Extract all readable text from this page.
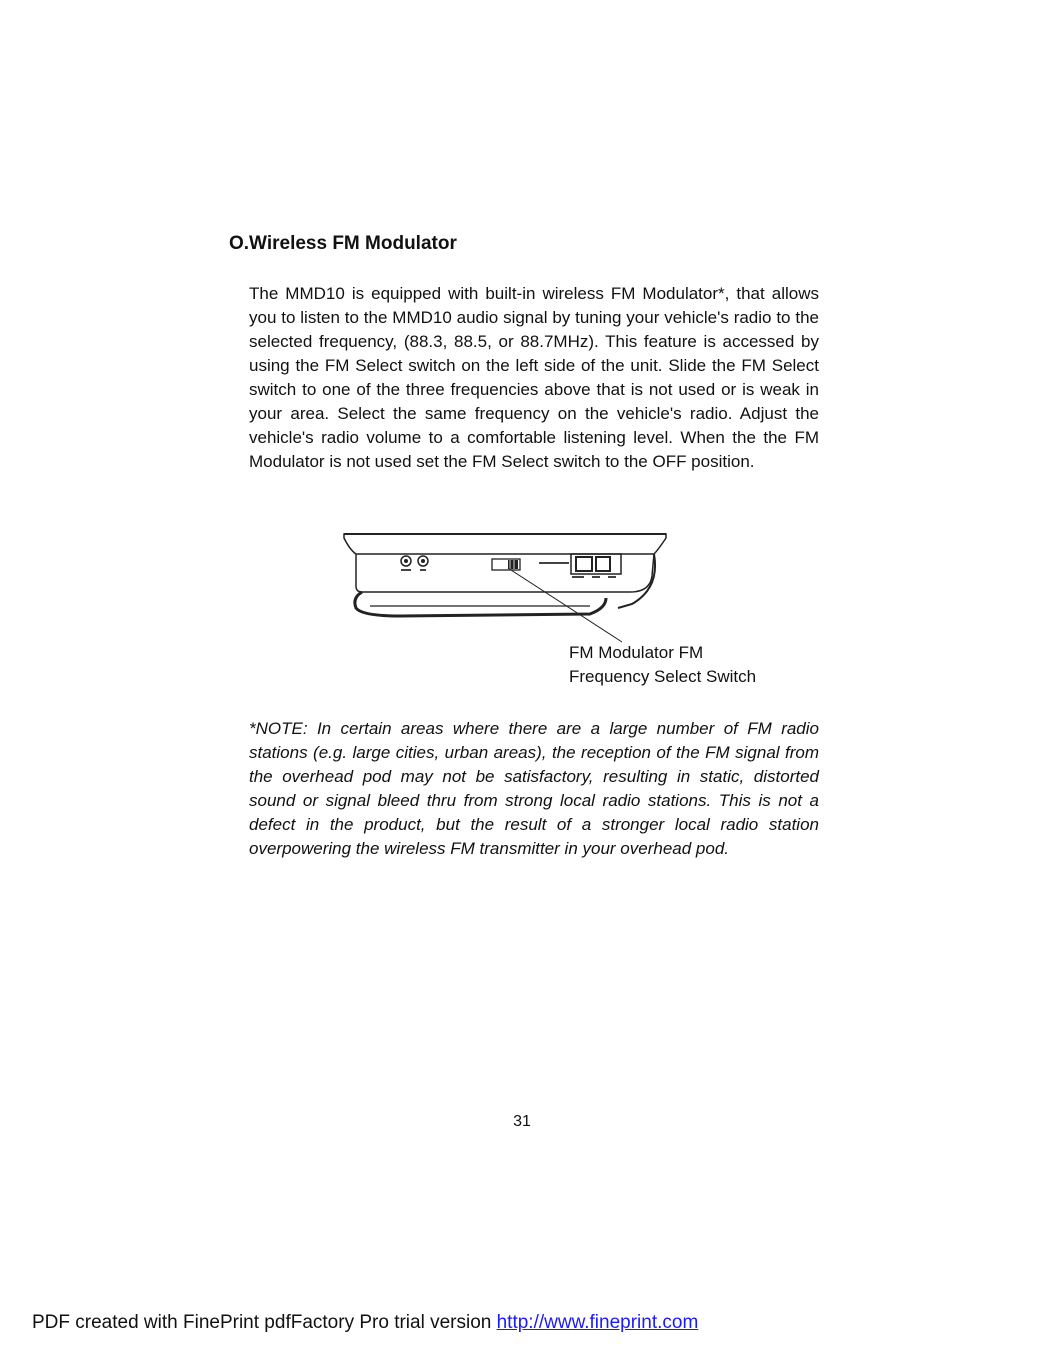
O.Wireless FM Modulator

The MMD10 is equipped with built-in wireless FM Modulator*, that allows you to listen to the MMD10 audio signal by tuning your vehicle's radio to the selected frequency, (88.3, 88.5, or 88.7MHz). This feature is accessed by using the FM Select switch on the left side of the unit. Slide the FM Select switch to one of the three frequencies above that is not used or is weak in your area. Select the same frequency on the vehicle's radio. Adjust the vehicle's radio volume to a comfortable listening level. When the the FM Modulator is not used set the FM Select switch to the OFF position.

FM Modulator FM
Frequency Select Switch

*NOTE: In certain areas where there are a large number of FM radio stations (e.g. large cities, urban areas), the reception of the FM signal from the overhead pod may not be satisfactory, resulting in static, distorted sound or signal bleed thru from strong local radio stations. This is not a defect in the product, but the result of a stronger local radio station overpowering the wireless FM transmitter in your overhead pod.

31
PDF created with FinePrint pdfFactory Pro trial version http://www.fineprint.com
